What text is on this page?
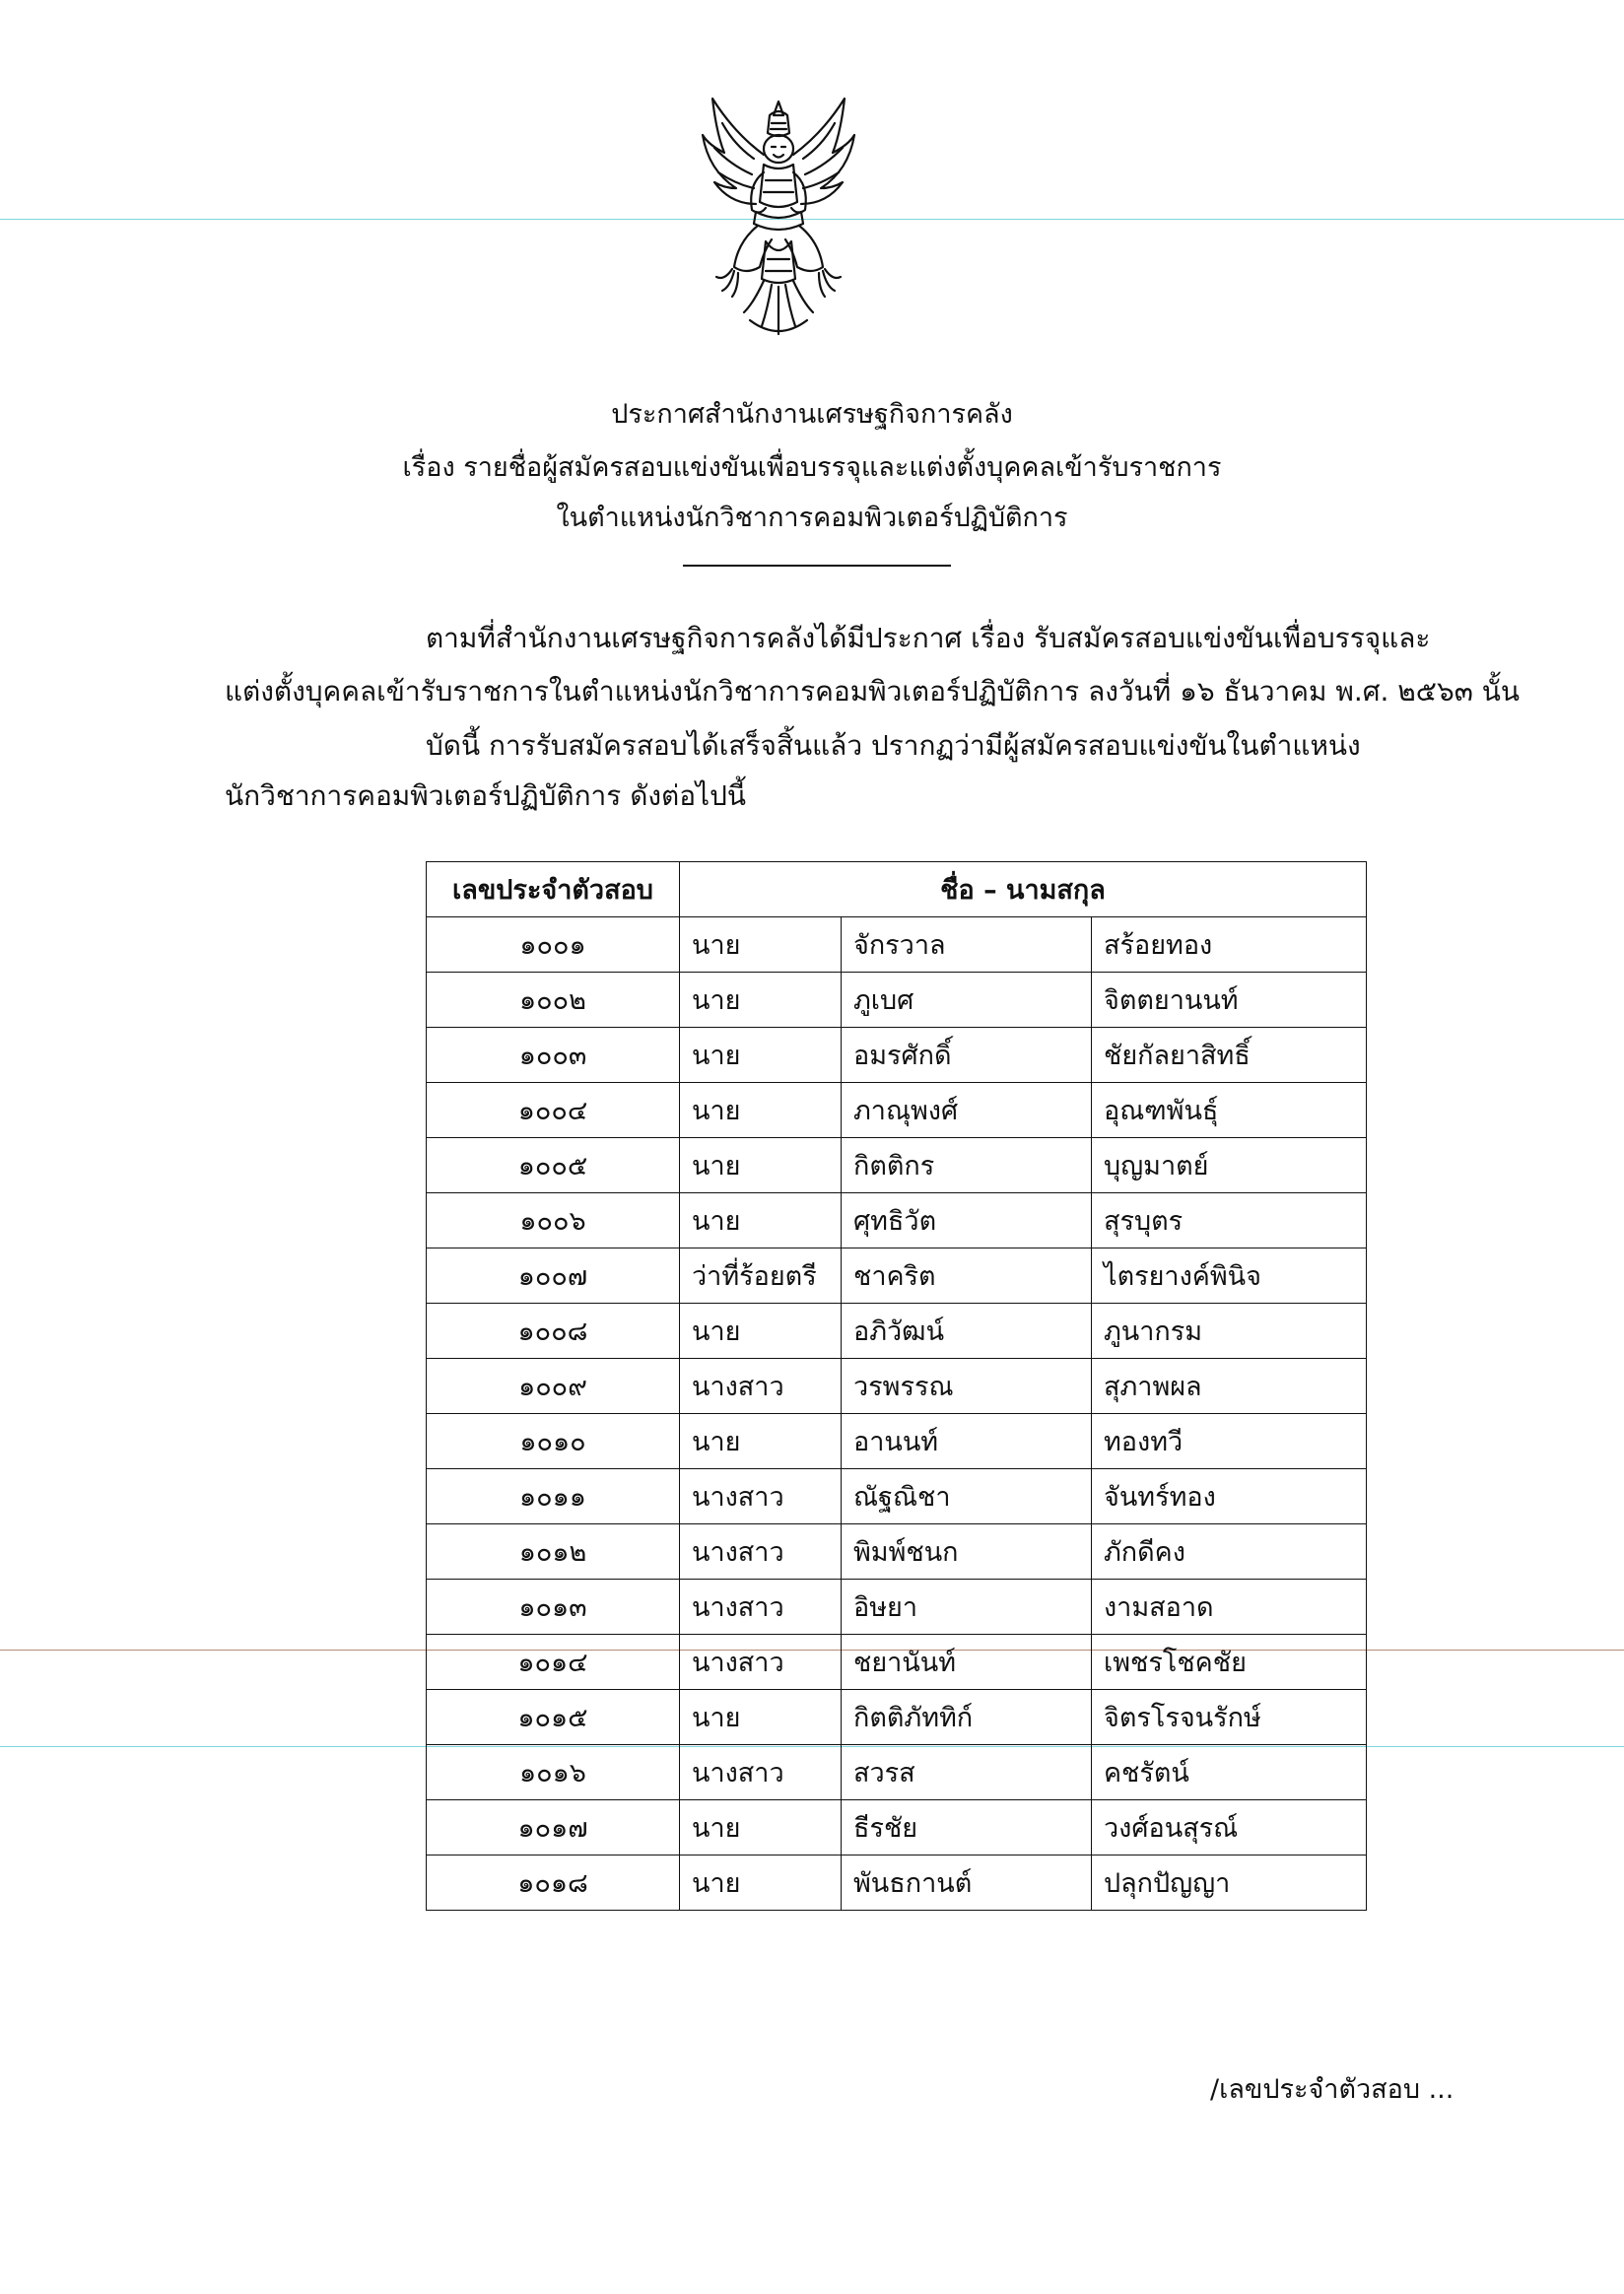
ประกาศสำนักงานเศรษฐกิจการคลัง
เรื่อง รายชื่อผู้สมัครสอบแข่งขันเพื่อบรรจุและแต่งตั้งบุคคลเข้ารับราชการ
ในตำแหน่งนักวิชาการคอมพิวเตอร์ปฏิบัติการ
ตามที่สำนักงานเศรษฐกิจการคลังได้มีประกาศ เรื่อง รับสมัครสอบแข่งขันเพื่อบรรจุและ
แต่งตั้งบุคคลเข้ารับราชการในตำแหน่งนักวิชาการคอมพิวเตอร์ปฏิบัติการ ลงวันที่ ๑๖ ธันวาคม พ.ศ. ๒๕๖๓ นั้น
บัดนี้ การรับสมัครสอบได้เสร็จสิ้นแล้ว ปรากฏว่ามีผู้สมัครสอบแข่งขันในตำแหน่ง
นักวิชาการคอมพิวเตอร์ปฏิบัติการ ดังต่อไปนี้
เลขประจำตัวสอบ	ชื่อ – นามสกุล		
๑๐๐๑	นาย	จักรวาล	สร้อยทอง
๑๐๐๒	นาย	ภูเบศ	จิตตยานนท์
๑๐๐๓	นาย	อมรศักดิ์	ชัยกัลยาสิทธิ์
๑๐๐๔	นาย	ภาณุพงศ์	อุณฑพันธุ์
๑๐๐๕	นาย	กิตติกร	บุญมาตย์
๑๐๐๖	นาย	ศุทธิวัต	สุรบุตร
๑๐๐๗	ว่าที่ร้อยตรี	ชาคริต	ไตรยางค์พินิจ
๑๐๐๘	นาย	อภิวัฒน์	ภูนากรม
๑๐๐๙	นางสาว	วรพรรณ	สุภาพผล
๑๐๑๐	นาย	อานนท์	ทองทวี
๑๐๑๑	นางสาว	ณัฐณิชา	จันทร์ทอง
๑๐๑๒	นางสาว	พิมพ์ชนก	ภักดีคง
๑๐๑๓	นางสาว	อิษยา	งามสอาด
๑๐๑๔	นางสาว	ชยานันท์	เพชรโชคชัย
๑๐๑๕	นาย	กิตติภัททิก์	จิตรโรจนรักษ์
๑๐๑๖	นางสาว	สวรส	คชรัตน์
๑๐๑๗	นาย	ธีรชัย	วงศ์อนสุรณ์
๑๐๑๘	นาย	พันธกานต์	ปลุกปัญญา
/เลขประจำตัวสอบ ...
